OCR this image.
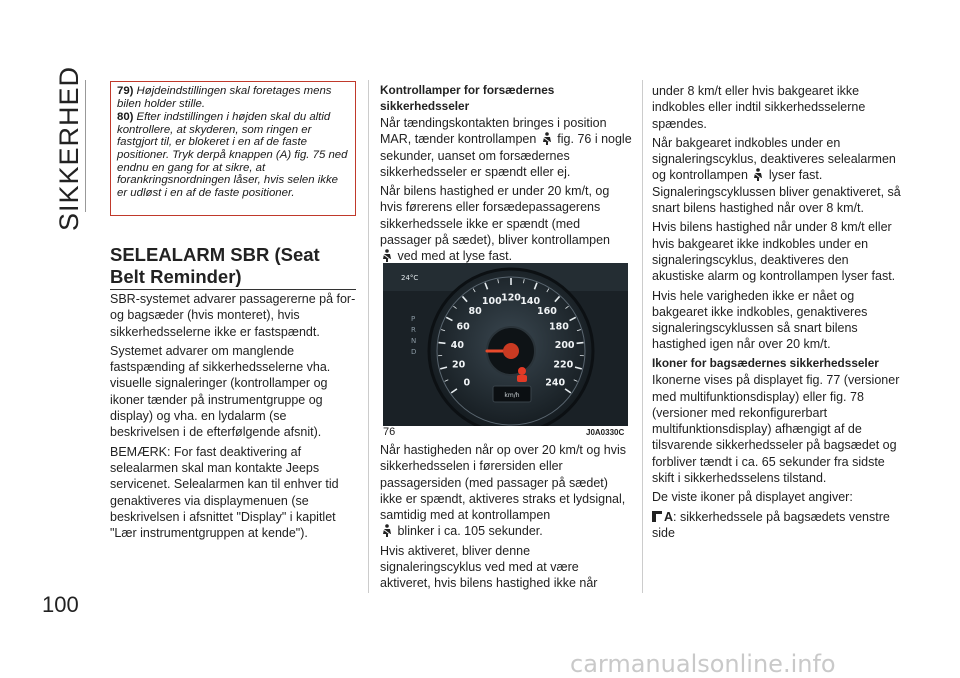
SIKKERHED
100

79) Højdeindstillingen skal foretages mens bilen holder stille.

80) Efter indstillingen i højden skal du altid kontrollere, at skyderen, som ringen er fastgjort til, er blokeret i en af de faste positioner. Tryk derpå knappen (A) fig. 75 ned endnu en gang for at sikre, at forankringsnordningen låser, hvis selen ikke er udløst i en af de faste positioner.

SELEALARM SBR (Seat Belt Reminder)

SBR-systemet advarer passagererne på for- og bagsæder (hvis monteret), hvis sikkerhedsselerne ikke er fastspændt.

Systemet advarer om manglende fastspænding af sikkerhedsselerne vha. visuelle signaleringer (kontrollamper og ikoner tænder på instrumentgruppe og display) og vha. en lydalarm (se beskrivelsen i de efterfølgende afsnit).

BEMÆRK: For fast deaktivering af selealarmen skal man kontakte Jeeps servicenet. Selealarmen kan til enhver tid genaktiveres via displaymenuen (se beskrivelsen i afsnittet "Display" i kapitlet "Lær instrumentgruppen at kende").

Kontrollamper for forsædernes sikkerhedsseler

Når tændingskontakten bringes i position MAR, tænder kontrollampen fig. 76 i nogle sekunder, uanset om forsædernes sikkerhedsseler er spændt eller ej.

Når bilens hastighed er under 20 km/t, og hvis førerens eller forsædepassagerens sikkerhedssele ikke er spændt (med passager på sædet), bliver kontrollampen

ved med at lyse fast.

0
20
40
60
80
100 120 140
160
180
200
220
240
km/h
24°C
P
R
N
D
76	J0A0330C

Når hastigheden når op over 20 km/t og hvis sikkerhedsselen i førersiden eller passagersiden (med passager på sædet) ikke er spændt, aktiveres straks et lydsignal, samtidig med at kontrollampen

blinker i ca. 105 sekunder.

Hvis aktiveret, bliver denne signaleringscyklus ved med at være aktiveret, hvis bilens hastighed ikke når

under 8 km/t eller hvis bakgearet ikke indkobles eller indtil sikkerhedsselerne spændes.

Når bakgearet indkobles under en signaleringscyklus, deaktiveres selealarmen og kontrollampen lyser fast. Signaleringscyklussen bliver genaktiveret, så snart bilens hastighed når over 8 km/t.

Hvis bilens hastighed når under 8 km/t eller hvis bakgearet ikke indkobles under en signaleringscyklus, deaktiveres den akustiske alarm og kontrollampen lyser fast.

Hvis hele varigheden ikke er nået og bakgearet ikke indkobles, genaktiveres signaleringscyklussen så snart bilens hastighed igen når over 20 km/t.

Ikoner for bagsædernes sikkerhedsseler

Ikonerne vises på displayet fig. 77 (versioner med multifunktionsdisplay) eller fig. 78 (versioner med rekonfigurerbart multifunktionsdisplay) afhængigt af de tilsvarende sikkerhedsseler på bagsædet og forbliver tændt i ca. 65 sekunder fra sidste skift i sikkerhedsselens tilstand.

De viste ikoner på displayet angiver:

A: sikkerhedssele på bagsædets venstre side

carmanualsonline.info
